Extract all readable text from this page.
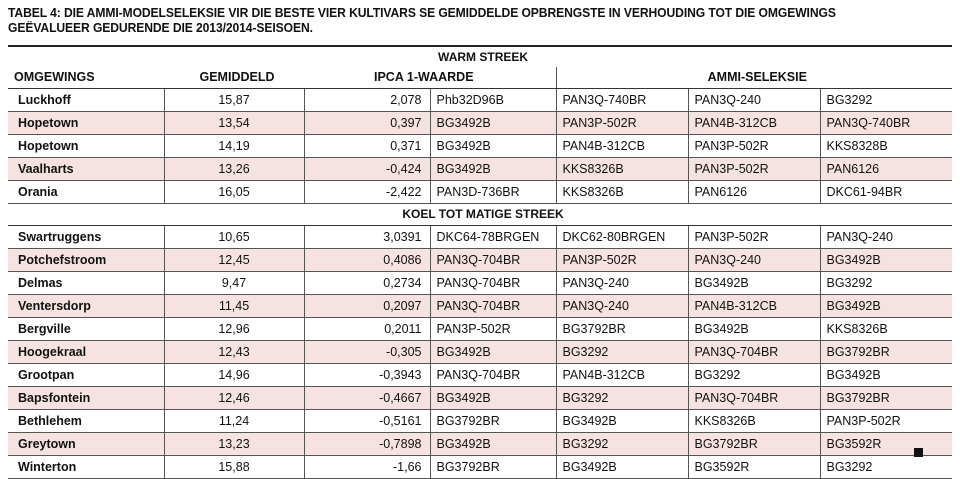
TABEL 4: DIE AMMI-MODELSELEKSIE VIR DIE BESTE VIER KULTIVARS SE GEMIDDELDE OPBRENGSTE IN VERHOUDING TOT DIE OMGEWINGS
GEËVALUEER GEDURENDE DIE 2013/2014-SEISOEN.
WARM STREEK						
OMGEWINGS	GEMIDDELD	IPCA 1-WAARDE		AMMI-SELEKSIE		
Luckhoff	15,87	2,078	Phb32D96B	PAN3Q-740BR	PAN3Q-240	BG3292
Hopetown	13,54	0,397	BG3492B	PAN3P-502R	PAN4B-312CB	PAN3Q-740BR
Hopetown	14,19	0,371	BG3492B	PAN4B-312CB	PAN3P-502R	KKS8328B
Vaalharts	13,26	-0,424	BG3492B	KKS8326B	PAN3P-502R	PAN6126
Orania	16,05	-2,422	PAN3D-736BR	KKS8326B	PAN6126	DKC61-94BR
KOEL TOT MATIGE STREEK						
Swartruggens	10,65	3,0391	DKC64-78BRGEN	DKC62-80BRGEN	PAN3P-502R	PAN3Q-240
Potchefstroom	12,45	0,4086	PAN3Q-704BR	PAN3P-502R	PAN3Q-240	BG3492B
Delmas	9,47	0,2734	PAN3Q-704BR	PAN3Q-240	BG3492B	BG3292
Ventersdorp	11,45	0,2097	PAN3Q-704BR	PAN3Q-240	PAN4B-312CB	BG3492B
Bergville	12,96	0,2011	PAN3P-502R	BG3792BR	BG3492B	KKS8326B
Hoogekraal	12,43	-0,305	BG3492B	BG3292	PAN3Q-704BR	BG3792BR
Grootpan	14,96	-0,3943	PAN3Q-704BR	PAN4B-312CB	BG3292	BG3492B
Bapsfontein	12,46	-0,4667	BG3492B	BG3292	PAN3Q-704BR	BG3792BR
Bethlehem	11,24	-0,5161	BG3792BR	BG3492B	KKS8326B	PAN3P-502R
Greytown	13,23	-0,7898	BG3492B	BG3292	BG3792BR	BG3592R
Winterton	15,88	-1,66	BG3792BR	BG3492B	BG3592R	BG3292
